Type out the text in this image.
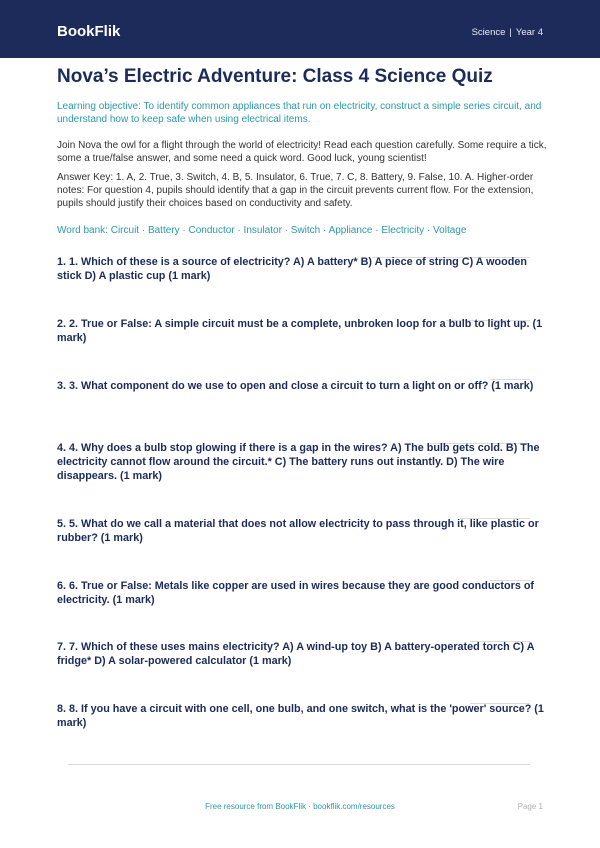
BookFlik	Science | Year 4
Nova’s Electric Adventure: Class 4 Science Quiz
Learning objective: To identify common appliances that run on electricity, construct a simple series circuit, and understand how to keep safe when using electrical items.
Join Nova the owl for a flight through the world of electricity! Read each question carefully. Some require a tick, some a true/false answer, and some need a quick word. Good luck, young scientist!
Answer Key: 1. A, 2. True, 3. Switch, 4. B, 5. Insulator, 6. True, 7. C, 8. Battery, 9. False, 10. A. Higher-order notes: For question 4, pupils should identify that a gap in the circuit prevents current flow. For the extension, pupils should justify their choices based on conductivity and safety.
Word bank: Circuit · Battery · Conductor · Insulator · Switch · Appliance · Electricity · Voltage
1. 1. Which of these is a source of electricity? A) A battery* B) A piece of string C) A wooden stick D) A plastic cup (1 mark)
2. 2. True or False: A simple circuit must be a complete, unbroken loop for a bulb to light up. (1 mark)
3. 3. What component do we use to open and close a circuit to turn a light on or off? (1 mark)
4. 4. Why does a bulb stop glowing if there is a gap in the wires? A) The bulb gets cold. B) The electricity cannot flow around the circuit.* C) The battery runs out instantly. D) The wire disappears. (1 mark)
5. 5. What do we call a material that does not allow electricity to pass through it, like plastic or rubber? (1 mark)
6. 6. True or False: Metals like copper are used in wires because they are good conductors of electricity. (1 mark)
7. 7. Which of these uses mains electricity? A) A wind-up toy B) A battery-operated torch C) A fridge* D) A solar-powered calculator (1 mark)
8. 8. If you have a circuit with one cell, one bulb, and one switch, what is the 'power' source? (1 mark)
Free resource from BookFlik · bookflik.com/resources	Page 1
